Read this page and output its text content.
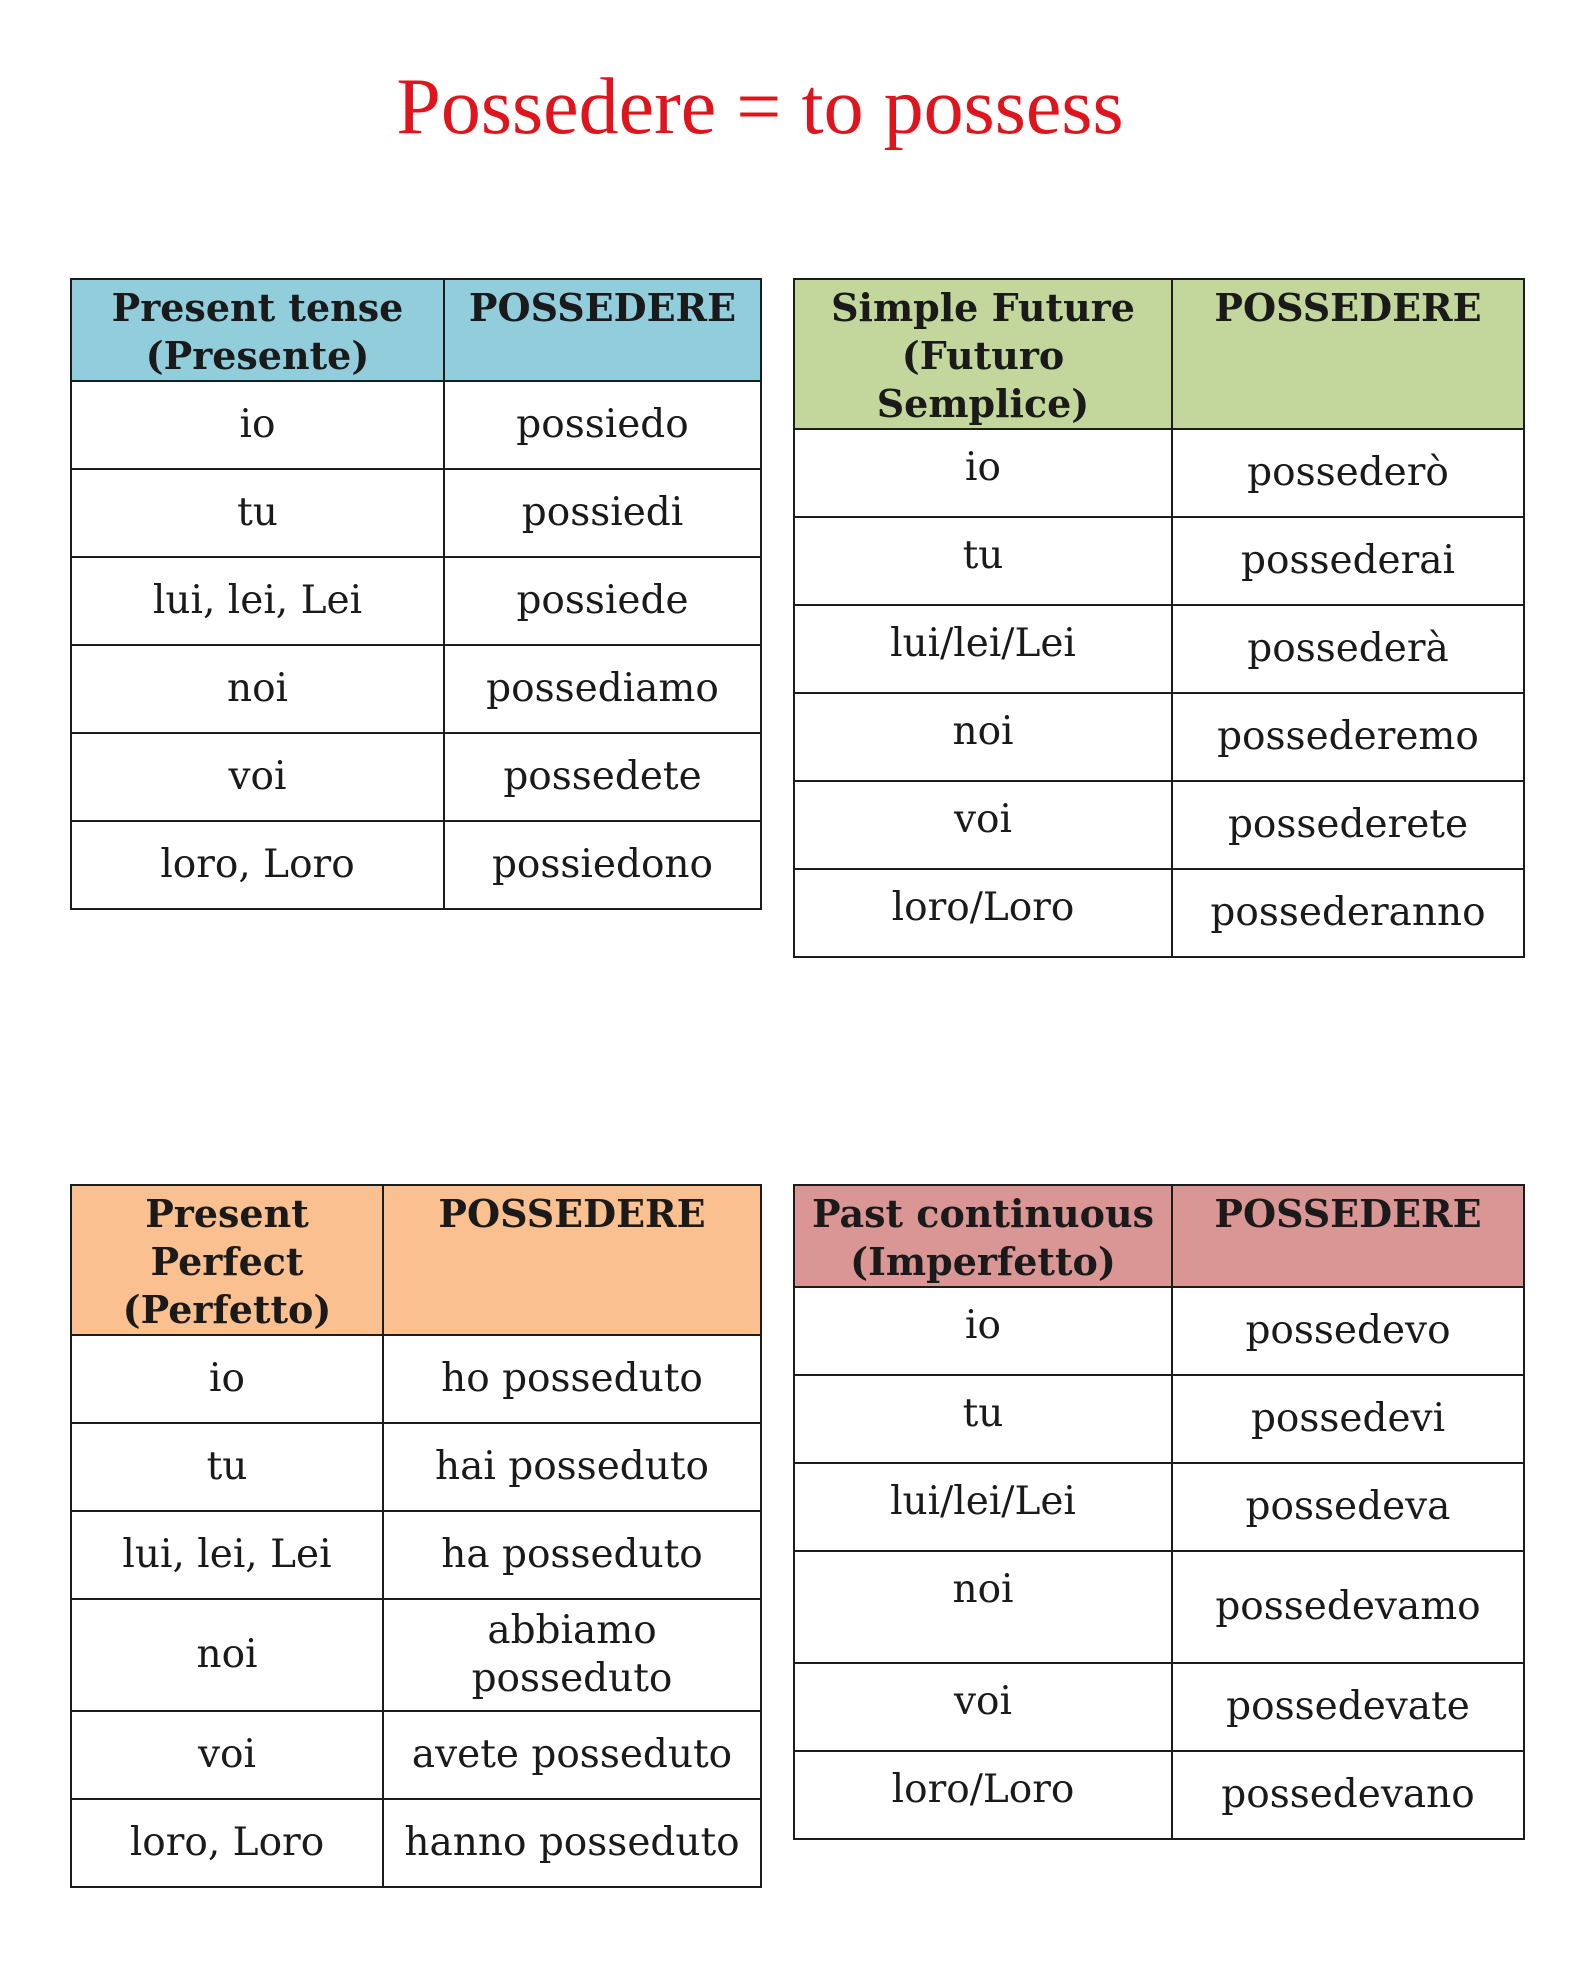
Possedere = to possess
Present tense
(Presente)	POSSEDERE
io	possiedo
tu	possiedi
lui, lei, Lei	possiede
noi	possediamo
voi	possedete
loro, Loro	possiedono
Simple Future
(Futuro Semplice)	POSSEDERE
io	possederò
tu	possederai
lui/lei/Lei	possederà
noi	possederemo
voi	possederete
loro/Loro	possederanno
Present Perfect
(Perfetto)	POSSEDERE
io	ho posseduto
tu	hai posseduto
lui, lei, Lei	ha posseduto
noi	abbiamo posseduto
voi	avete posseduto
loro, Loro	hanno posseduto
Past continuous
(Imperfetto)	POSSEDERE
io	possedevo
tu	possedevi
lui/lei/Lei	possedeva
noi	possedevamo
voi	possedevate
loro/Loro	possedevano
